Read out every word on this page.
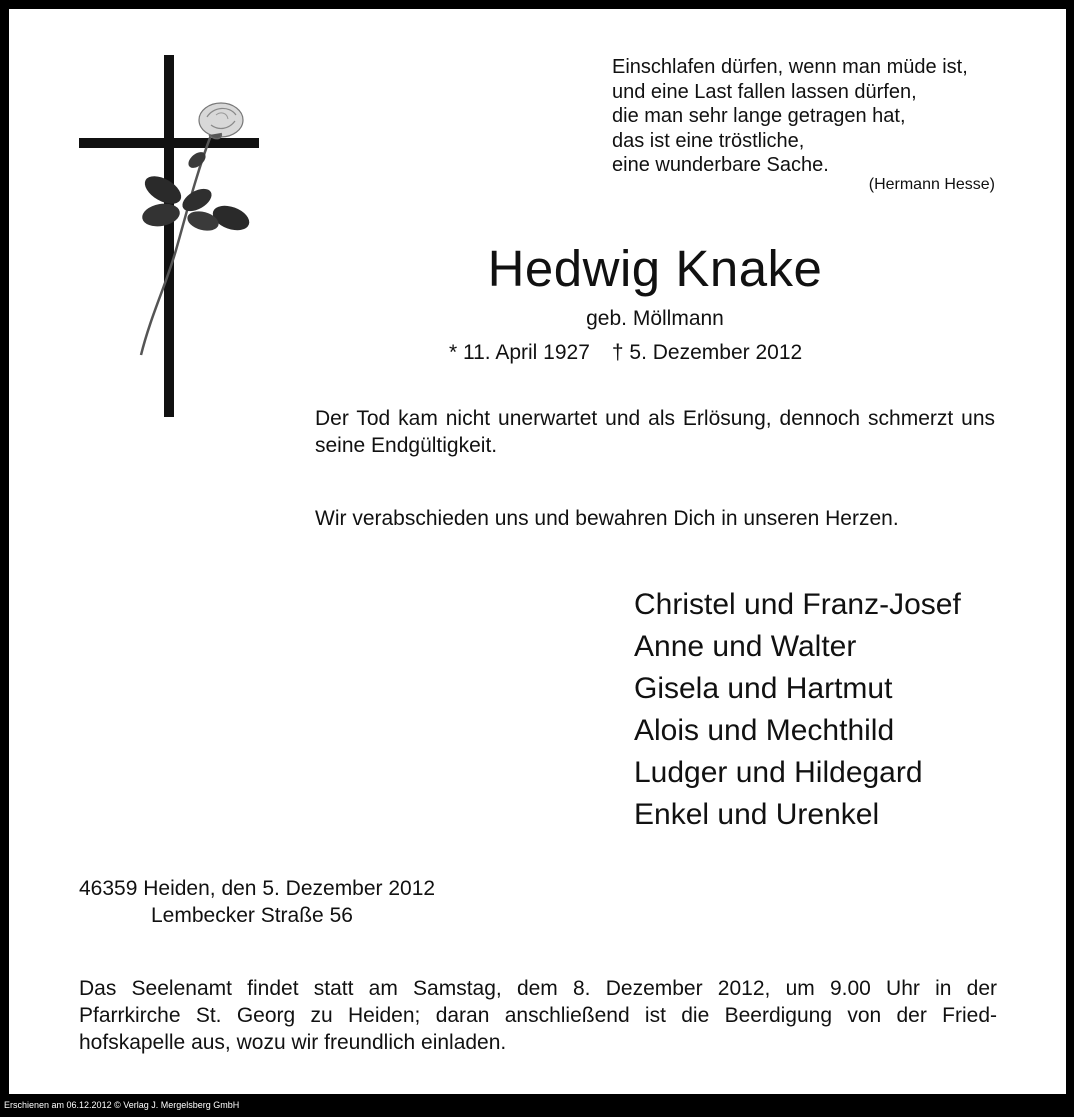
Einschlafen dürfen, wenn man müde ist,
und eine Last fallen lassen dürfen,
die man sehr lange getragen hat,
das ist eine tröstliche,
eine wunderbare Sache.
(Hermann Hesse)
Hedwig Knake
geb. Möllmann
* 11. April 1927 † 5. Dezember 2012
Der Tod kam nicht unerwartet und als Erlösung, dennoch schmerzt uns seine Endgültigkeit.
Wir verabschieden uns und bewahren Dich in unseren Herzen.
Christel und Franz-Josef
Anne und Walter
Gisela und Hartmut
Alois und Mechthild
Ludger und Hildegard
Enkel und Urenkel
46359 Heiden, den 5. Dezember 2012
Lembecker Straße 56
Das Seelenamt findet statt am Samstag, dem 8. Dezember 2012, um 9.00 Uhr in der
Pfarrkirche St. Georg zu Heiden; daran anschließend ist die Beerdigung von der Fried-
hofskapelle aus, wozu wir freundlich einladen.
Erschienen am 06.12.2012 © Verlag J. Mergelsberg GmbH
